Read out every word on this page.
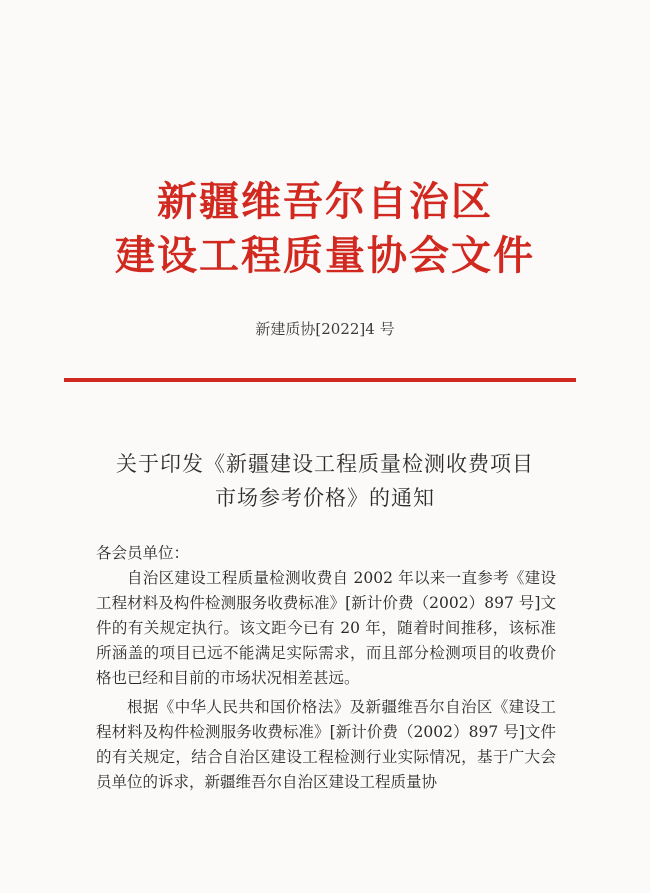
新疆维吾尔自治区
建设工程质量协会文件
新建质协[2022]4 号
关于印发《新疆建设工程质量检测收费项目
市场参考价格》的通知
各会员单位：

自治区建设工程质量检测收费自 2002 年以来一直参考《建设工程材料及构件检测服务收费标准》[新计价费（2002）897 号]文件的有关规定执行。该文距今已有 20 年，随着时间推移，该标准所涵盖的项目已远不能满足实际需求，而且部分检测项目的收费价格也已经和目前的市场状况相差甚远。

根据《中华人民共和国价格法》及新疆维吾尔自治区《建设工程材料及构件检测服务收费标准》[新计价费（2002）897 号]文件的有关规定，结合自治区建设工程检测行业实际情况，基于广大会员单位的诉求，新疆维吾尔自治区建设工程质量协
